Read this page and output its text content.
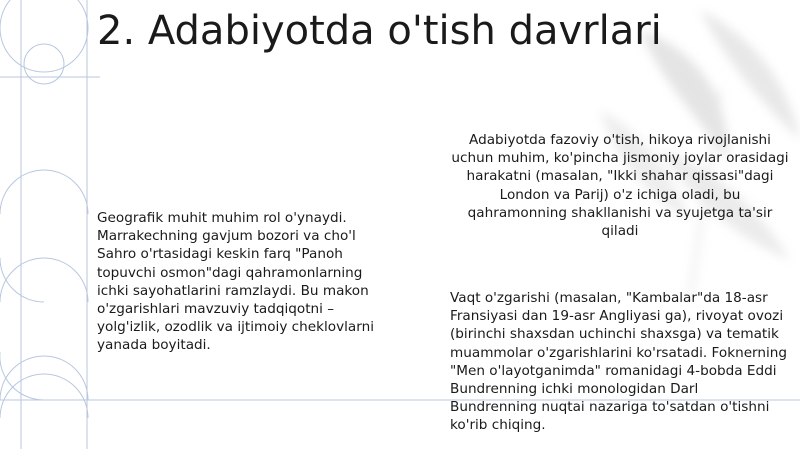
2. Adabiyotda o'tish davrlari

Adabiyotda fazoviy o'tish, hikoya rivojlanishi uchun muhim, ko'pincha jismoniy joylar orasidagi harakatni (masalan, "Ikki shahar qissasi"dagi London va Parij) o'z ichiga oladi, bu qahramonning shakllanishi va syujetga ta'sir qiladi

Geografik muhit muhim rol o'ynaydi. Marrakechning gavjum bozori va cho'l Sahro o'rtasidagi keskin farq "Panoh topuvchi osmon"dagi qahramonlarning ichki sayohatlarini ramzlaydi. Bu makon o'zgarishlari mavzuviy tadqiqotni – yolg'izlik, ozodlik va ijtimoiy cheklovlarni yanada boyitadi.

Vaqt o'zgarishi (masalan, "Kambalar"da 18-asr Fransiyasi dan 19-asr Angliyasi ga), rivoyat ovozi (birinchi shaxsdan uchinchi shaxsga) va tematik muammolar o'zgarishlarini ko'rsatadi. Foknerning "Men o'layotganimda" romanidagi 4-bobda Eddi Bundrenning ichki monologidan Darl Bundrenning nuqtai nazariga to'satdan o'tishni ko'rib chiqing.
